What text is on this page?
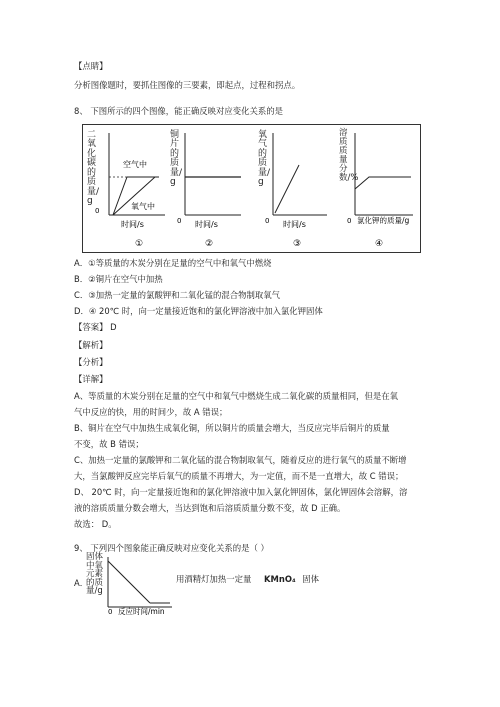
【点睛】
分析图像题时，要抓住图像的三要素，即起点，过程和拐点。
8、 下图所示的四个图像，能正确反映对应变化关系的是
0
空气中
氧气中
时间/s
①
0 时间/s
②
0 时间/s
③
0 氯化钾的质量/g
④
二氧化碳的质量/g
铜片的质量/g
氧气的质量/g
溶质质量分数/%
A．①等质量的木炭分别在足量的空气中和氧气中燃烧
B．②铜片在空气中加热
C．③加热一定量的氯酸钾和二氧化锰的混合物制取氧气
D．④ 20℃ 时，向一定量接近饱和的氯化钾溶液中加入氯化钾固体
【答案】 D
【解析】
【分析】
【详解】
A、等质量的木炭分别在足量的空气中和氧气中燃烧生成二氧化碳的质量相同，但是在氧
气中反应的快，用的时间少，故 A 错误；
B、铜片在空气中加热生成氧化铜，所以铜片的质量会增大，当反应完毕后铜片的质量
不变，故 B 错误；
C、加热一定量的氯酸钾和二氧化锰的混合物制取氧气，随着反应的进行氧气的质量不断增
大，当氯酸钾反应完毕后氧气的质量不再增大，为一定值，而不是一直增大，故 C 错误；
D、 20℃ 时，向一定量接近饱和的氯化钾溶液中加入氯化钾固体，氯化钾固体会溶解，溶
液的溶质质量分数会增大，当达到饱和后溶质质量分数不变，故 D 正确。
故选： D。
9、 下列四个图象能正确反映对应变化关系的是（ ）
A．
0 反应时间/min
固体中氧元素的质量/g
用酒精灯加热一定量 KMnO₄ 固体
